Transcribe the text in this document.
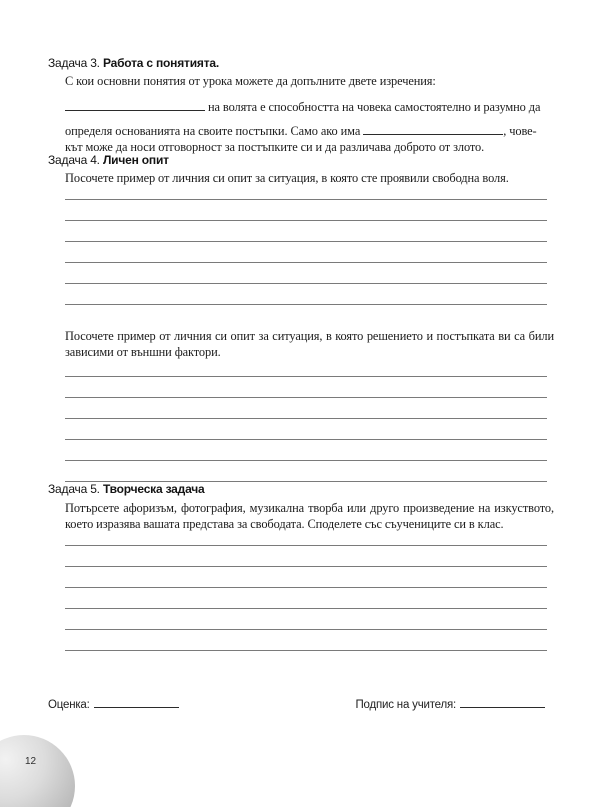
Задача 3. Работа с понятията.
С кои основни понятия от урока можете да допълните двете изречения:
на волята е способността на човека самостоятелно и разумно да
определя основанията на своите постъпки. Само ако има	, чове-
кът може да носи отговорност за постъпките си и да различава доброто от злото.
Задача 4. Личен опит
Посочете пример от личния си опит за ситуация, в която сте проявили свободна воля.
Посочете пример от личния си опит за ситуация, в която решението и постъпката ви са били зависими от външни фактори.
Задача 5. Творческа задача
Потърсете афоризъм, фотография, музикална творба или друго произведение на изкуството, което изразява вашата представа за свободата. Споделете със съучениците си в клас.
Оценка:	Подпис на учителя:
12
